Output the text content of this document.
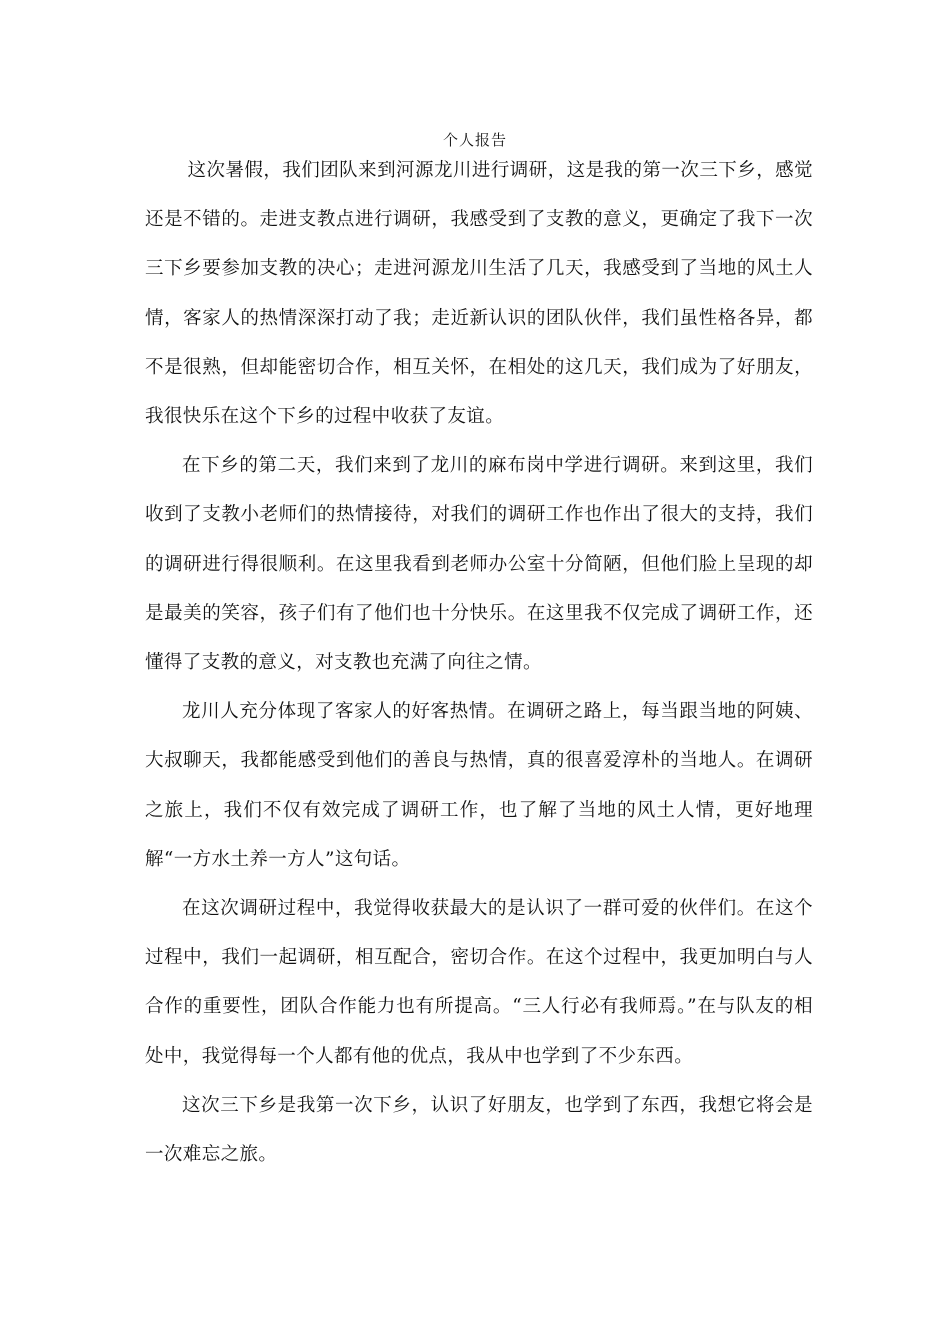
个人报告

这次暑假，我们团队来到河源龙川进行调研，这是我的第一次三下乡，感觉还是不错的。走进支教点进行调研，我感受到了支教的意义，更确定了我下一次三下乡要参加支教的决心；走进河源龙川生活了几天，我感受到了当地的风土人情，客家人的热情深深打动了我；走近新认识的团队伙伴，我们虽性格各异，都不是很熟，但却能密切合作，相互关怀，在相处的这几天，我们成为了好朋友，我很快乐在这个下乡的过程中收获了友谊。

在下乡的第二天，我们来到了龙川的麻布岗中学进行调研。来到这里，我们收到了支教小老师们的热情接待，对我们的调研工作也作出了很大的支持，我们的调研进行得很顺利。在这里我看到老师办公室十分简陋，但他们脸上呈现的却是最美的笑容，孩子们有了他们也十分快乐。在这里我不仅完成了调研工作，还懂得了支教的意义，对支教也充满了向往之情。

龙川人充分体现了客家人的好客热情。在调研之路上，每当跟当地的阿姨、大叔聊天，我都能感受到他们的善良与热情，真的很喜爱淳朴的当地人。在调研之旅上，我们不仅有效完成了调研工作，也了解了当地的风土人情，更好地理解“一方水土养一方人”这句话。

在这次调研过程中，我觉得收获最大的是认识了一群可爱的伙伴们。在这个过程中，我们一起调研，相互配合，密切合作。在这个过程中，我更加明白与人合作的重要性，团队合作能力也有所提高。“三人行必有我师焉。”在与队友的相处中，我觉得每一个人都有他的优点，我从中也学到了不少东西。

这次三下乡是我第一次下乡，认识了好朋友，也学到了东西，我想它将会是一次难忘之旅。
